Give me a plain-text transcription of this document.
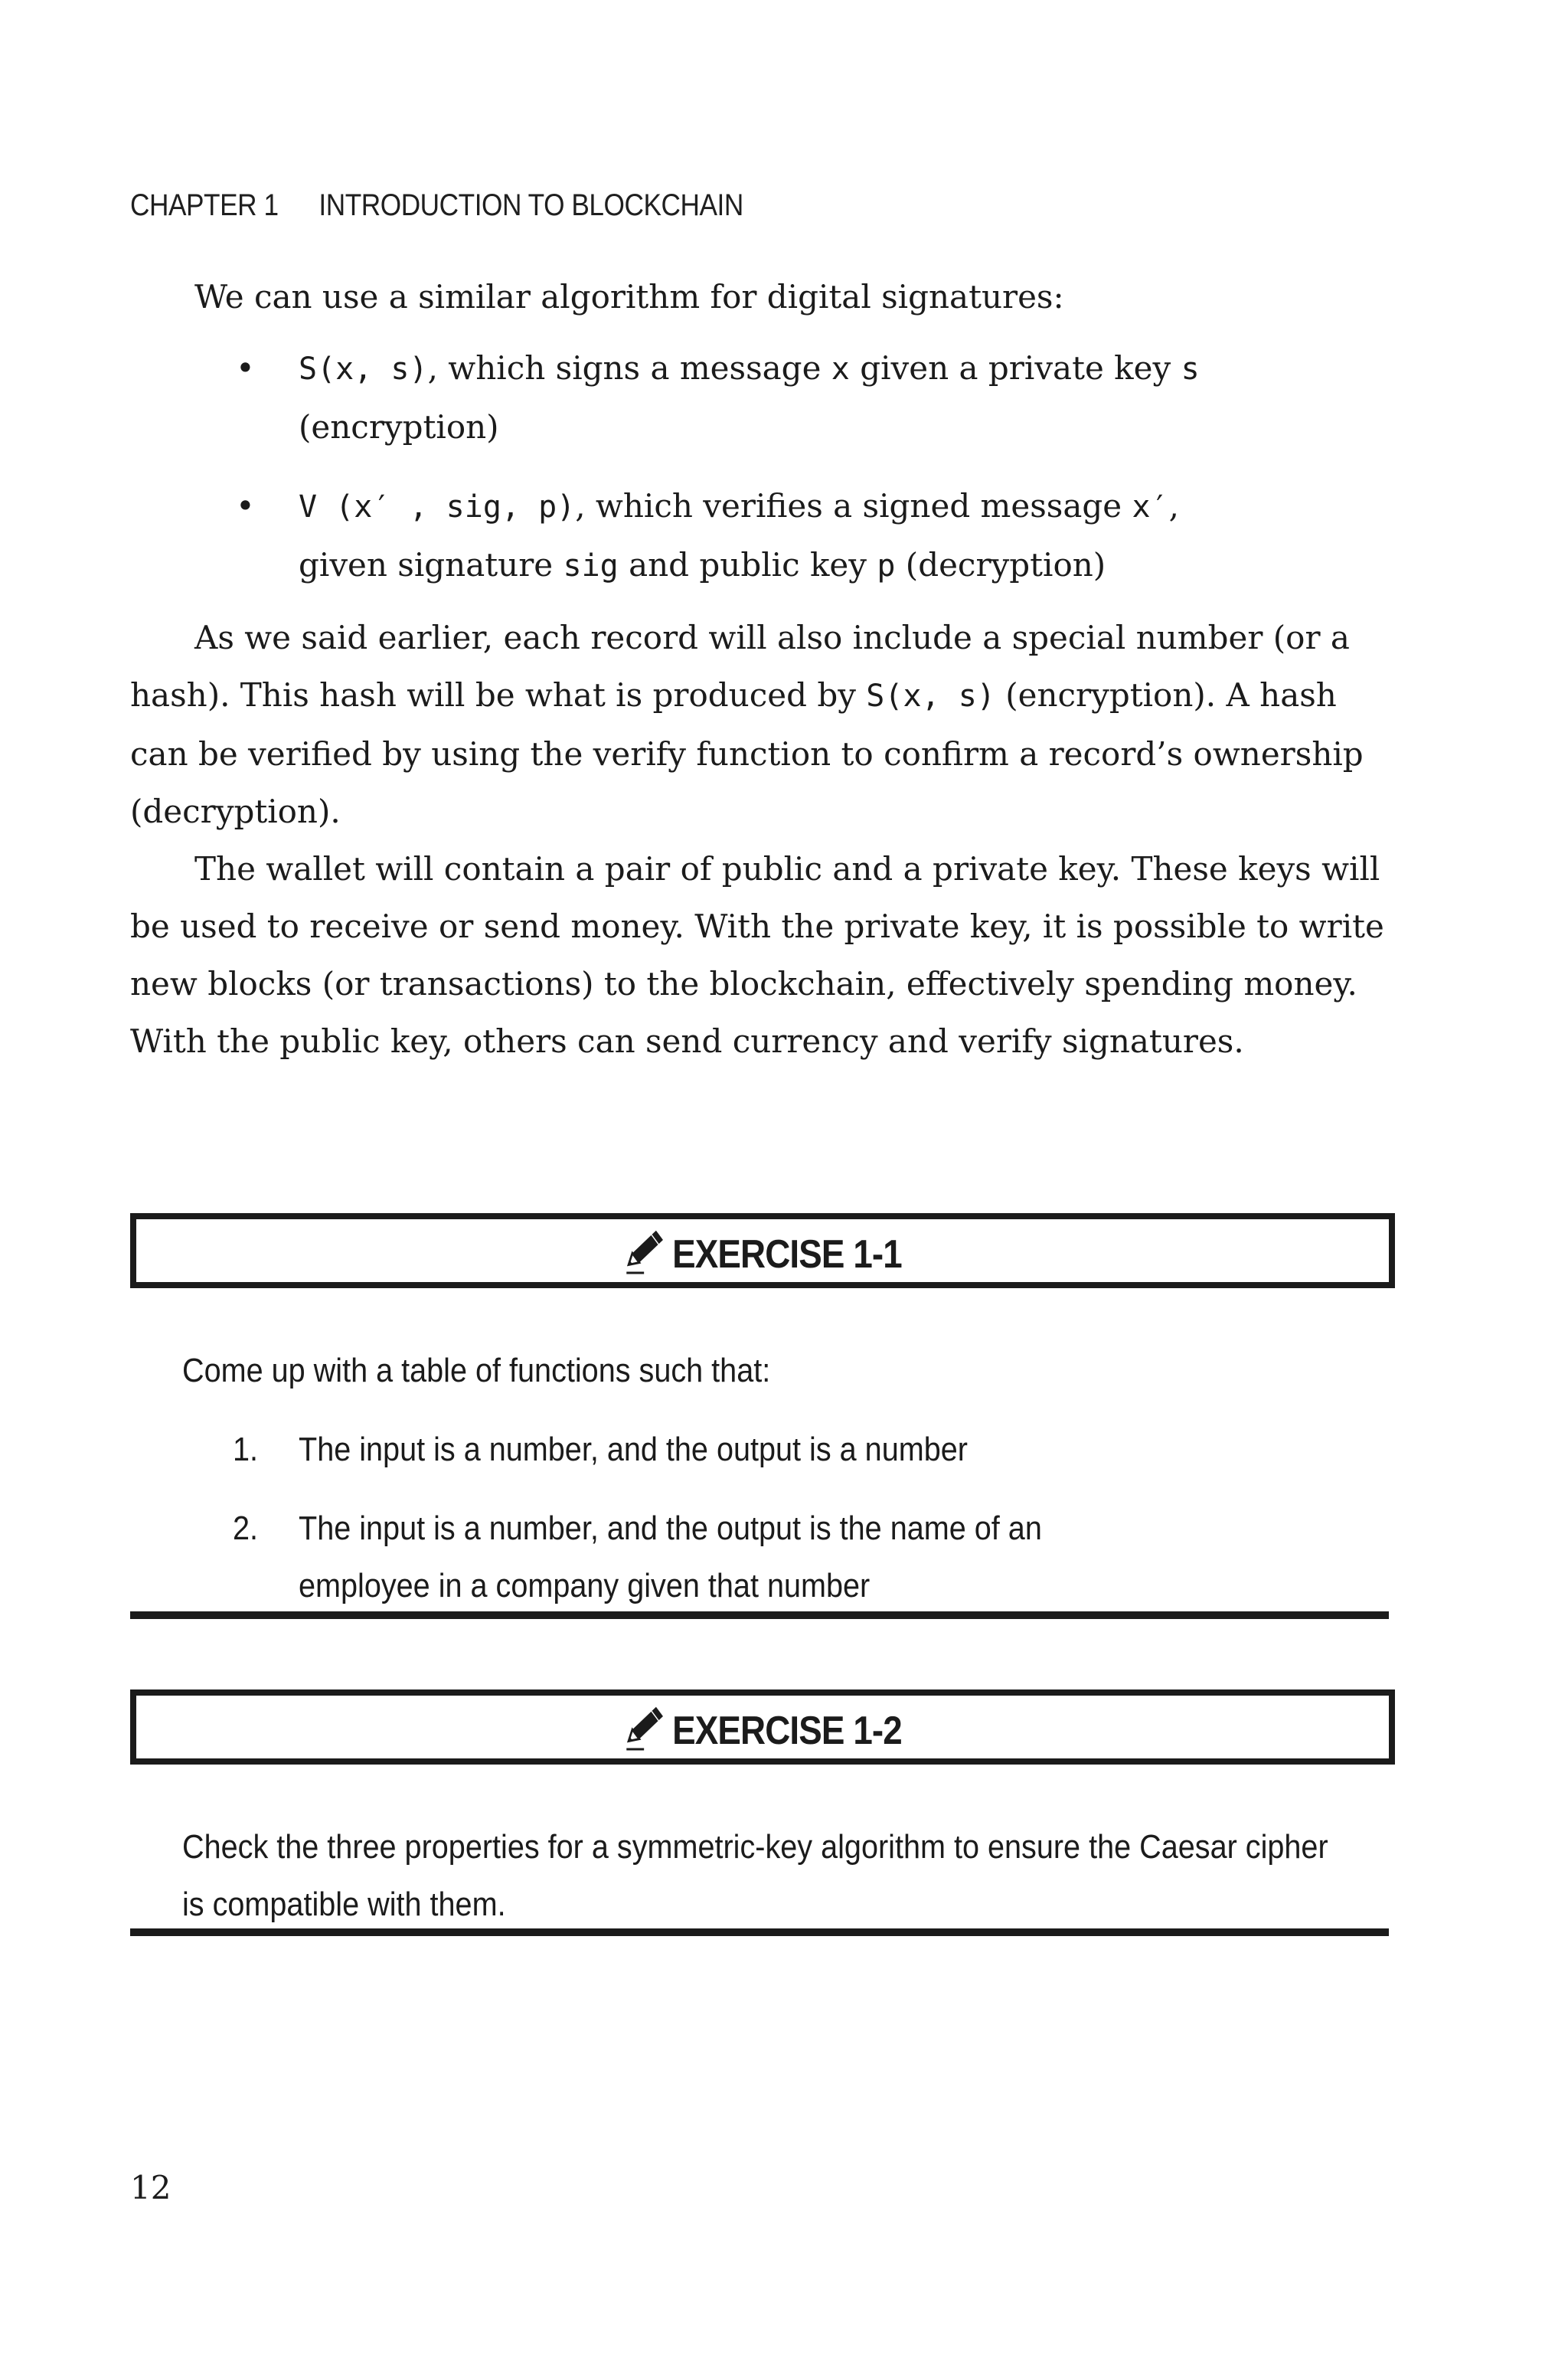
CHAPTER 1 INTRODUCTION TO BLOCKCHAIN

We can use a similar algorithm for digital signatures:

• S(x, s), which signs a message x given a private key s (encryption)
• V (x′ , sig, p), which verifies a signed message x′, given signature sig and public key p (decryption)

As we said earlier, each record will also include a special number (or a hash). This hash will be what is produced by S(x, s) (encryption). A hash can be verified by using the verify function to confirm a record’s ownership (decryption).

The wallet will contain a pair of public and a private key. These keys will be used to receive or send money. With the private key, it is possible to write new blocks (or transactions) to the blockchain, effectively spending money. With the public key, others can send currency and verify signatures.

EXERCISE 1-1

Come up with a table of functions such that:

1. The input is a number, and the output is a number
2. The input is a number, and the output is the name of an employee in a company given that number
EXERCISE 1-2

Check the three properties for a symmetric-key algorithm to ensure the Caesar cipher is compatible with them.

12
